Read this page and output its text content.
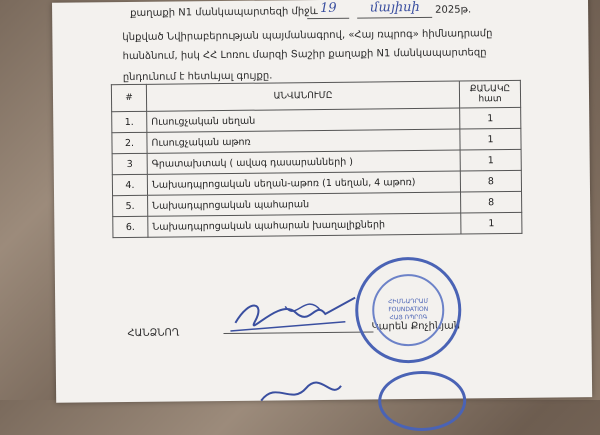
քաղաքի N1 մանկապարտեզի միջև 19	մայիսի 2025թ.
կնքված Նվիրաբերության պայմանագրով, «Հայ ռպրոգ» հիմնադրամը
հանձնում, իսկ ՀՀ Լոռու մարզի Տաշիր քաղաքի N1 մանկապարտեզը
ընդունում է հետևյալ գույքը.
#	ԱՆՎԱՆՈՒՄԸ	ՔԱՆԱԿԸ
հատ

1.	Ուսուցչական սեղան	1
2.	Ուսուցչական աթոռ	1
3	Գրատախտակ ( ավագ դասարանների )	1
4.	Նախադպրոցական սեղան-աթոռ (1 սեղան, 4 աթոռ)	8
5.	Նախադպրոցական պահարան	8
6.	Նախադպրոցական պահարան խաղալիքների	1
ՀԱՆՁՆՈՂ
Կարեն Քոչինյան
ՀԻՄՆԱԴՐԱՄ
FOUNDATION
ՀԱՅ ՌՊՐՈԳ
